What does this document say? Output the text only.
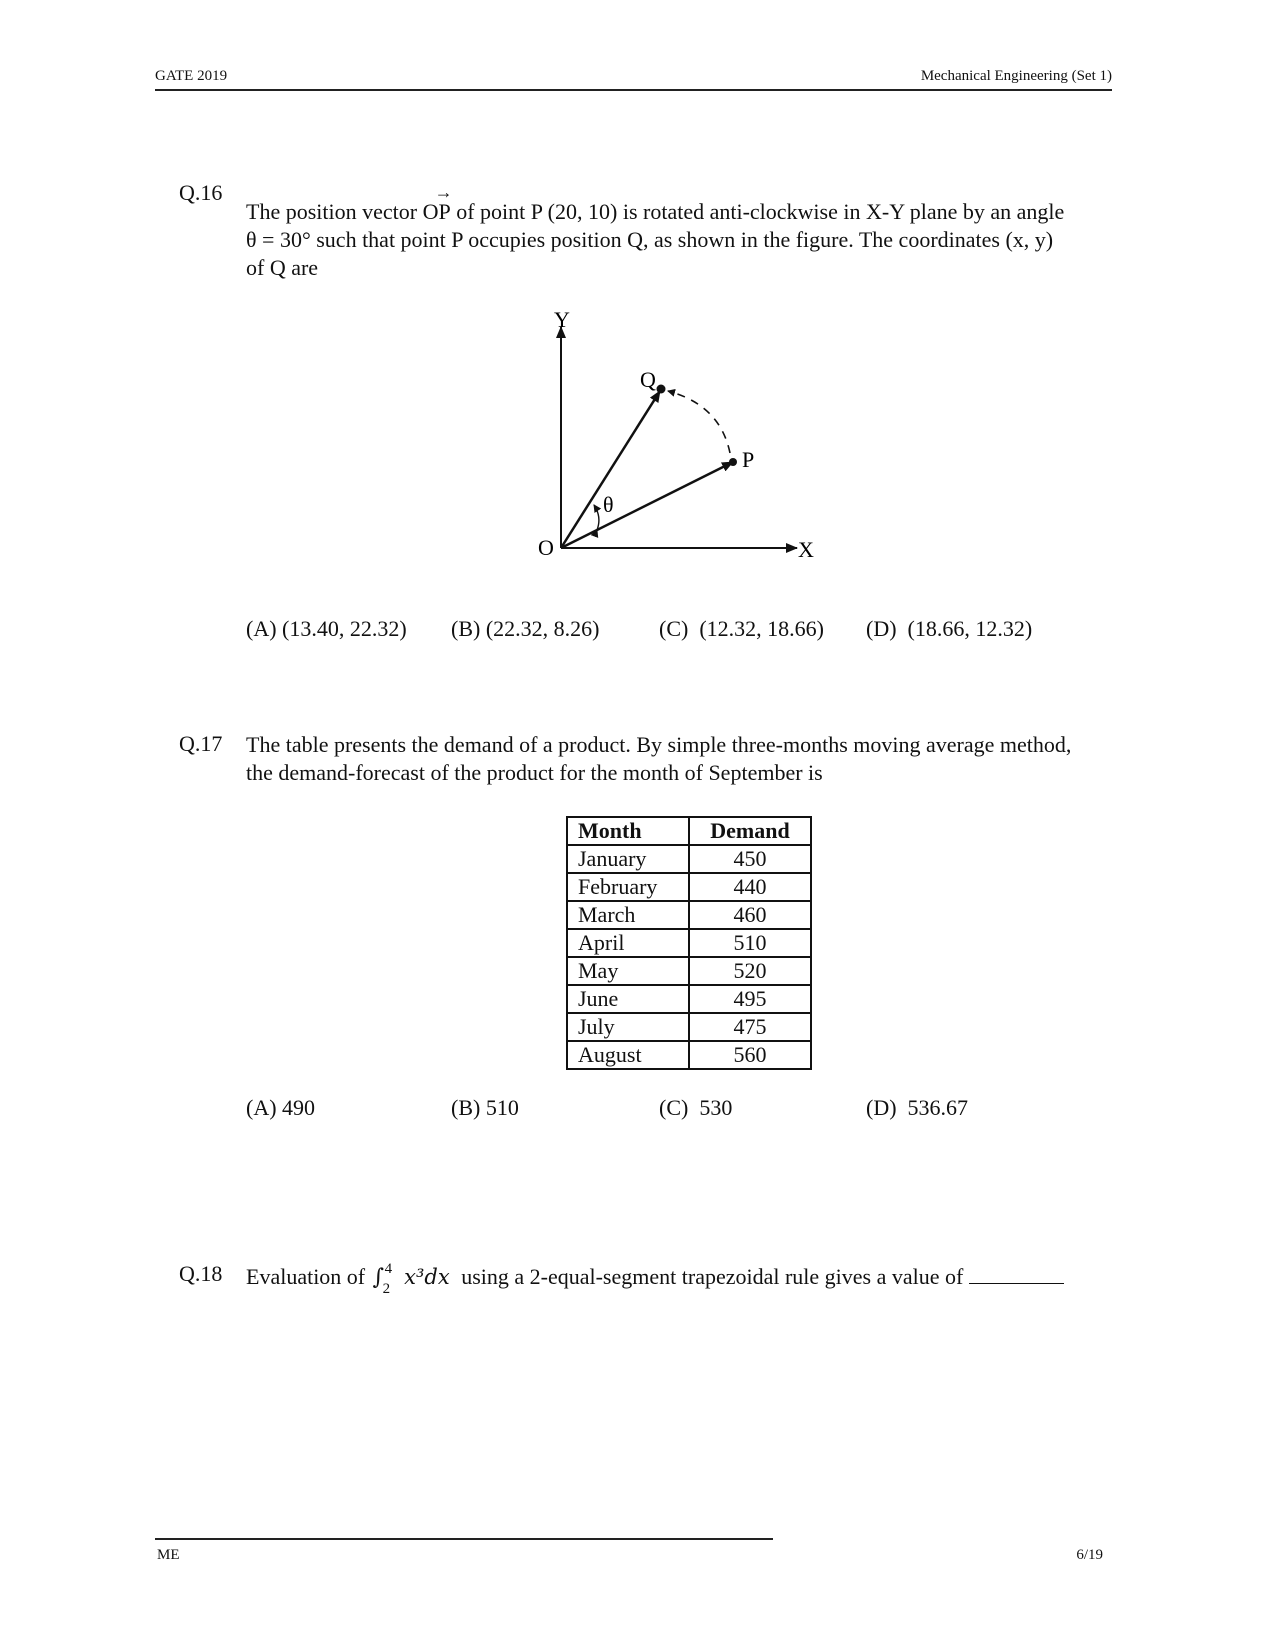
GATE 2019	Mechanical Engineering (Set 1)
Q.16
The position vector
→
OP of point P (20, 10) is rotated anti-clockwise in X-Y plane by an angle
θ = 30° such that point P occupies position Q, as shown in the figure. The coordinates (x, y)
of Q are
Y
X
O
P
Q
θ
(A) (13.40, 22.32) (B) (22.32, 8.26)	(C)  (12.32, 18.66) (D)  (18.66, 12.32)
Q.17 The table presents the demand of a product. By simple three-months moving average method,
the demand-forecast of the product for the month of September is
Month	Demand
January	450
February	440
March	460
April	510
May	520
June	495
July	475
August	560
(A) 490	(B) 510	(C)  530	(D)  536.67
Q.18 Evaluation of ∫ 4
2 x³dx using a 2-equal-segment trapezoidal rule gives a value of
ME	6/19
